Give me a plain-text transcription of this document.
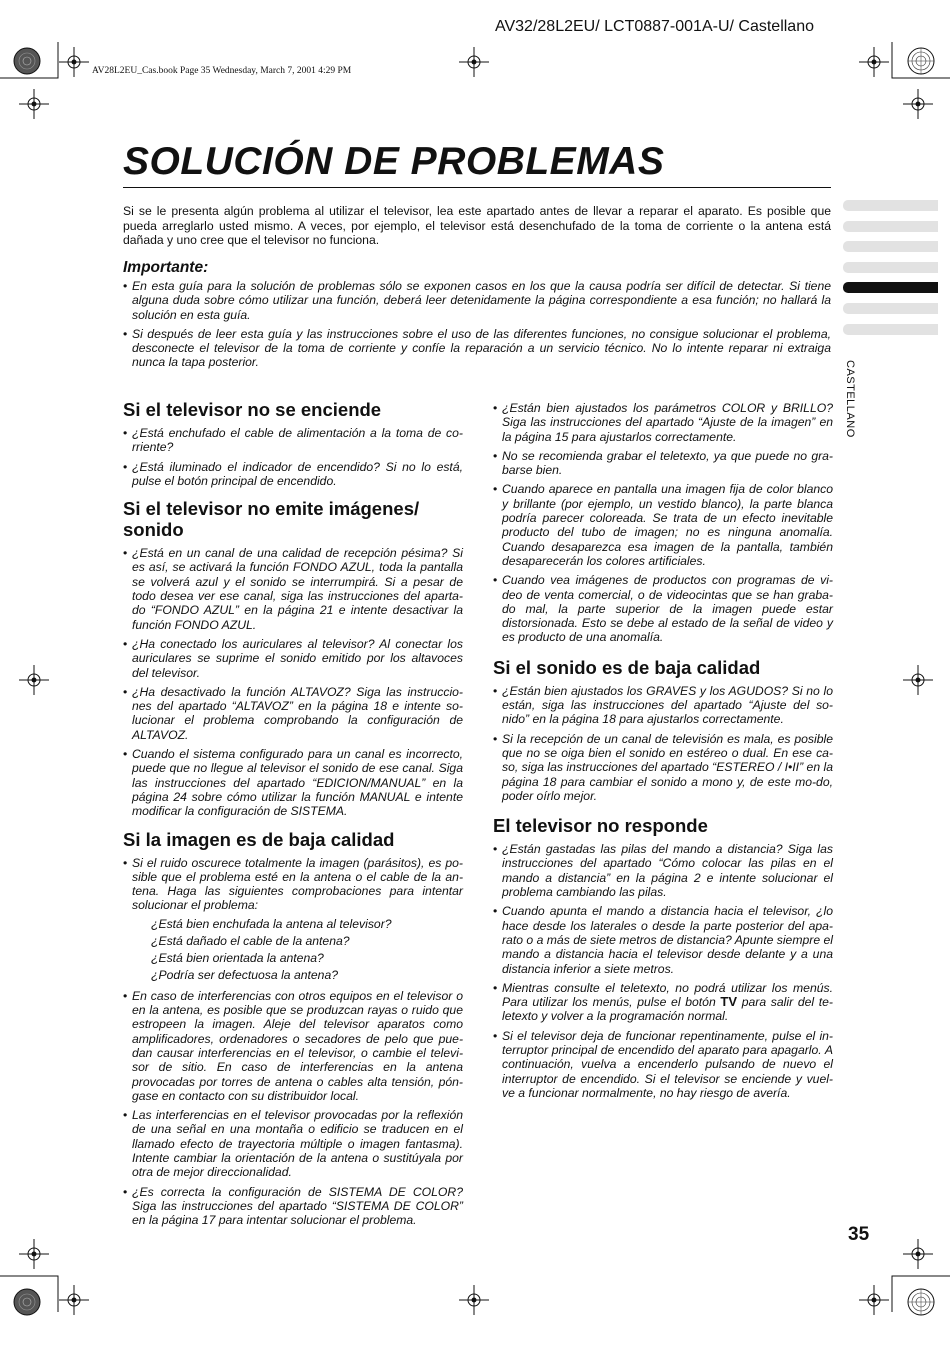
AV32/28L2EU/ LCT0887-001A-U/ Castellano
AV28L2EU_Cas.book Page 35 Wednesday, March 7, 2001 4:29 PM
SOLUCIÓN DE PROBLEMAS

Si se le presenta algún problema al utilizar el televisor, lea este apartado antes de llevar a reparar el aparato. Es posible que pueda arreglarlo usted mismo. A veces, por ejemplo, el televisor está desenchufado de la toma de corriente o la antena está dañada y uno cree que el televisor no funciona.

Importante:

• En esta guía para la solución de problemas sólo se exponen casos en los que la causa podría ser difícil de detectar. Si tiene alguna duda sobre cómo utilizar una función, deberá leer detenidamente la página correspondiente a esa función; no hallará la solución en esta guía.

• Si después de leer esta guía y las instrucciones sobre el uso de las diferentes funciones, no consigue solucionar el problema, desconecte el televisor de la toma de corriente y confíe la reparación a un servicio técnico. No lo intente reparar ni extraiga nunca la tapa posterior.

Si el televisor no se enciende

• ¿Está enchufado el cable de alimentación a la toma de co-rriente?

• ¿Está iluminado el indicador de encendido? Si no lo está, pulse el botón principal de encendido.

Si el televisor no emite imágenes/
sonido

• ¿Está en un canal de una calidad de recepción pésima? Si es así, se activará la función FONDO AZUL, toda la pantalla se volverá azul y el sonido se interrumpirá. Si a pesar de todo desea ver ese canal, siga las instrucciones del aparta-do “FONDO AZUL” en la página 21 e intente desactivar la función FONDO AZUL.

• ¿Ha conectado los auriculares al televisor? Al conectar los auriculares se suprime el sonido emitido por los altavoces del televisor.

• ¿Ha desactivado la función ALTAVOZ? Siga las instruccio-nes del apartado “ALTAVOZ” en la página 18 e intente so-lucionar el problema comprobando la configuración de ALTAVOZ.

• Cuando el sistema configurado para un canal es incorrecto, puede que no llegue al televisor el sonido de ese canal. Siga las instrucciones del apartado “EDICION/MANUAL” en la página 24 sobre cómo utilizar la función MANUAL e intente modificar la configuración de SISTEMA.

Si la imagen es de baja calidad

• Si el ruido oscurece totalmente la imagen (parásitos), es po-sible que el problema esté en la antena o el cable de la an-tena. Haga las siguientes comprobaciones para intentar solucionar el problema:

¿Está bien enchufada la antena al televisor?
¿Está dañado el cable de la antena?
¿Está bien orientada la antena?
¿Podría ser defectuosa la antena?

• En caso de interferencias con otros equipos en el televisor o en la antena, es posible que se produzcan rayas o ruido que estropeen la imagen. Aleje del televisor aparatos como amplificadores, ordenadores o secadores de pelo que pue-dan causar interferencias en el televisor, o cambie el televi-sor de sitio. En caso de interferencias en la antena provocadas por torres de antena o cables alta tensión, pón-gase en contacto con su distribuidor local.

• Las interferencias en el televisor provocadas por la reflexión de una señal en una montaña o edificio se traducen en el llamado efecto de trayectoria múltiple o imagen fantasma). Intente cambiar la orientación de la antena o sustitúyala por otra de mejor direccionalidad.

• ¿Es correcta la configuración de SISTEMA DE COLOR? Siga las instrucciones del apartado “SISTEMA DE COLOR” en la página 17 para intentar solucionar el problema.

• ¿Están bien ajustados los parámetros COLOR y BRILLO? Siga las instrucciones del apartado “Ajuste de la imagen” en la página 15 para ajustarlos correctamente.

• No se recomienda grabar el teletexto, ya que puede no gra-barse bien.

• Cuando aparece en pantalla una imagen fija de color blanco y brillante (por ejemplo, un vestido blanco), la parte blanca podría parecer coloreada. Se trata de un efecto inevitable producto del tubo de imagen; no es ninguna anomalía. Cuando desaparezca esa imagen de la pantalla, también desaparecerán los colores artificiales.

• Cuando vea imágenes de productos con programas de vi-deo de venta comercial, o de videocintas que se han graba-do mal, la parte superior de la imagen puede estar distorsionada. Esto se debe al estado de la señal de video y es producto de una anomalía.

Si el sonido es de baja calidad

• ¿Están bien ajustados los GRAVES y los AGUDOS? Si no lo están, siga las instrucciones del apartado “Ajuste del so-nido” en la página 18 para ajustarlos correctamente.

• Si la recepción de un canal de televisión es mala, es posible que no se oiga bien el sonido en estéreo o dual. En ese ca-so, siga las instrucciones del apartado “ESTEREO / I•II” en la página 18 para cambiar el sonido a mono y, de este mo-do, poder oírlo mejor.

El televisor no responde

• ¿Están gastadas las pilas del mando a distancia? Siga las instrucciones del apartado “Cómo colocar las pilas en el mando a distancia” en la página 2 e intente solucionar el problema cambiando las pilas.

• Cuando apunta el mando a distancia hacia el televisor, ¿lo hace desde los laterales o desde la parte posterior del apa-rato o a más de siete metros de distancia? Apunte siempre el mando a distancia hacia el televisor desde delante y a una distancia inferior a siete metros.

• Mientras consulte el teletexto, no podrá utilizar los menús. Para utilizar los menús, pulse el botón TV para salir del te-letexto y volver a la programación normal.

• Si el televisor deja de funcionar repentinamente, pulse el in-terruptor principal de encendido del aparato para apagarlo. A continuación, vuelva a encenderlo pulsando de nuevo el interruptor de encendido. Si el televisor se enciende y vuel-ve a funcionar normalmente, no hay riesgo de avería.

CASTELLANO
35
